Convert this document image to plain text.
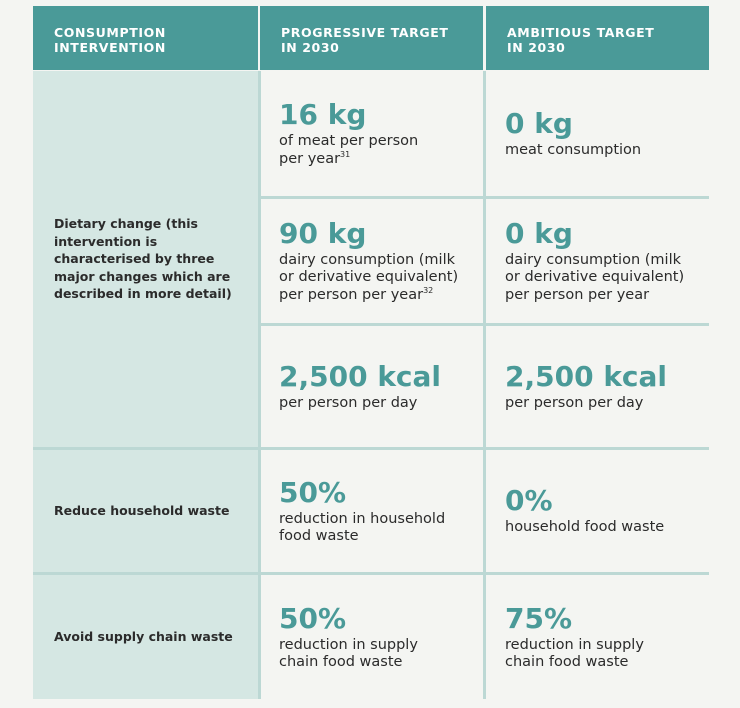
CONSUMPTION
INTERVENTION
PROGRESSIVE TARGET
IN 2030
AMBITIOUS TARGET
IN 2030
Dietary change (this intervention is characterised by three major changes which are described in more detail)
Reduce household waste
Avoid supply chain waste
16 kg
of meat per person per year$^{31}$
0 kg
meat consumption
90 kg
dairy consumption (milk or derivative equivalent) per person per year$^{32}$
0 kg
dairy consumption (milk or derivative equivalent) per person per year
2,500 kcal
per person per day
2,500 kcal
per person per day
50%
reduction in household food waste
0%
household food waste
50%
reduction in supply chain food waste
75%
reduction in supply chain food waste
